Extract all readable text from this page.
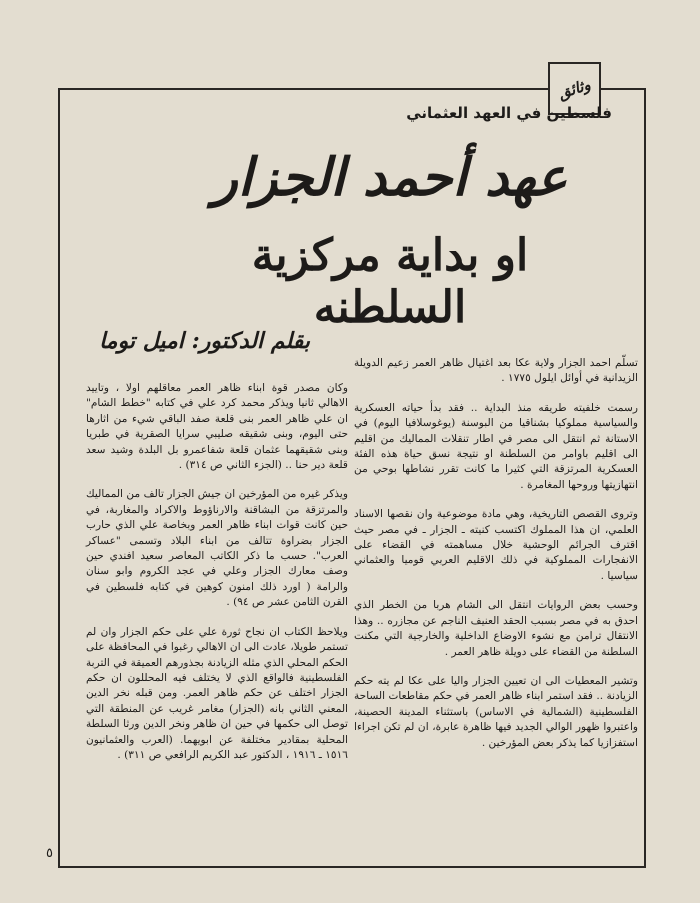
وثائق
فلسطين في العهد العثماني
عهد أحمد الجزار
او بداية مركزية السلطنه
بقلم الدكتور: اميل توما

تسلّم احمد الجزار ولاية عكا بعد اغتيال ظاهر العمر زعيم الدويلة الزيدانية في أوائل ايلول ١٧٧٥ .

رسمت خلفيته طريقه منذ البداية .. فقد بدأ حياته العسكرية والسياسية مملوكيا بشناقيا من البوسنة (يوغوسلافيا اليوم) في الاستانة ثم انتقل الى مصر في اطار تنقلات المماليك من اقليم الى اقليم باوامر من السلطنة او نتيجة نسق حياة هذه الفئة العسكرية المرتزقة التي كثيرا ما كانت تقرر نشاطها بوحي من انتهازيتها وروحها المغامرة .

وتروى القصص التاريخية، وهي مادة موضوعية وان نقصها الاسناد العلمي، ان هذا المملوك اكتسب كنيته ـ الجزار ـ في مصر حيث اقترف الجرائم الوحشية خلال مساهمته في القضاء على الانفجارات المملوكية في ذلك الاقليم العربي قوميا والعثماني سياسيا .

وحسب بعض الروايات انتقل الى الشام هربا من الخطر الذي احدق به في مصر بسبب الحقد العنيف الناجم عن مجازره .. وهذا الانتقال ترامن مع نشوء الاوضاع الداخلية والخارجية التي مكنت السلطنة من القضاء على دويلة ظاهر العمر .

وتشير المعطيات الى ان تعيين الجزار واليا على عكا لم يته حكم الزيادنة .. فقد استمر ابناء ظاهر العمر في حكم مقاطعات الساحة الفلسطينية (الشمالية في الاساس) باستثناء المدينة الحصينة، واعتبروا ظهور الوالي الجديد فيها ظاهرة عابرة، ان لم تكن اجراءا استفزازيا كما يذكر بعض المؤرخين .

وكان مصدر قوة ابناء ظاهر العمر معاقلهم اولا ، وتاييد الاهالي ثانيا ويذكر محمد كرد علي في كتابه "خطط الشام" ان علي ظاهر العمر بنى قلعة صفد الباقي شيء من اثارها حتى اليوم، وبنى شقيقه صليبي سرايا الصقرية في طبريا وبنى شقيقهما عثمان قلعة شفاعمرو بل البلدة وشيد سعد قلعة دير حنا .. (الجزء الثاني ص ٣١٤) .

ويذكر غيره من المؤرخين ان جيش الجزار تالف من المماليك والمرتزقة من البشاقنة والارناؤوط والاكراد والمغاربة، في حين كانت قوات ابناء ظاهر العمر وبخاصة علي الذي حارب الجزار بضراوة تتالف من ابناء البلاد وتسمى "عساكر العرب". حسب ما ذكر الكاتب المعاصر سعيد افندي حين وصف معارك الجزار وعلي في عجد الكروم وابو سنان والرامة ( اورد ذلك امنون كوهين في كتابه فلسطين في القرن الثامن عشر ص ٩٤) .

ويلاحظ الكتاب ان نجاح ثورة علي على حكم الجزار وان لم تستمر طويلا، عادت الى ان الاهالي رغبوا في المحافظة على الحكم المحلي الذي مثله الزيادنة بجذورهم العميقة في التربة الفلسطينية فالواقع الذي لا يختلف فيه المحللون ان حكم الجزار اختلف عن حكم ظاهر العمر. ومن قبله نخر الدين المعني الثاني بانه (الجزار) مغامر غريب عن المنطقة التي توصل الى حكمها في حين ان ظاهر ونخر الدين ورثا السلطة المحلية بمقادير مختلفة عن ابويهما. (العرب والعثمانيون ١٥١٦ ـ ١٩١٦ ، الدكتور عبد الكريم الرافعي ص ٣١١) .

٥
